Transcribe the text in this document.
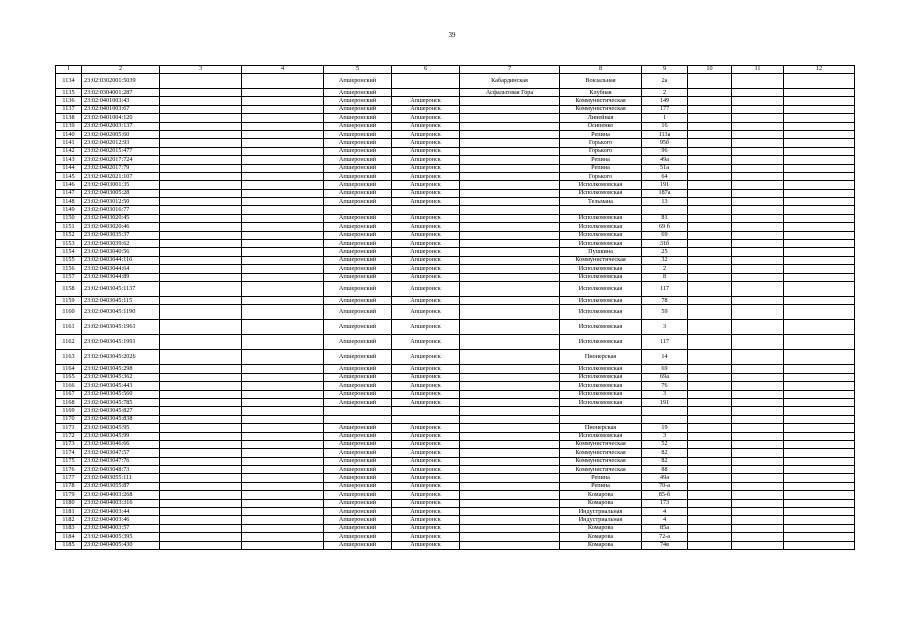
39
1	2	3	4	5	6	7	8	9	10	11	12
1134	23:02:0302001:5039			Апшеронский		Кабардинская	Вокзальная	2а			
1135	23:02:0304001:287			Апшеронский		Асфальтовая Гора	Клубная	2			
1136	23:02:0401003:43			Апшеронский	Апшеронск		Коммунистическая	149			
1137	23:02:0401003:67			Апшеронский	Апшеронск		Коммунистическая	177			
1138	23:02:0401004:120			Апшеронский	Апшеронск		Линейная	1			
1139	23:02:0402003:137			Апшеронский	Апшеронск		Осипенко	16			
1140	23:02:0402005:60			Апшеронский	Апшеронск		Репина	113а			
1141	23:02:0402012:93			Апшеронский	Апшеронск		Горького	95б			
1142	23:02:0402015:477			Апшеронский	Апшеронск		Горького	96			
1143	23:02:0402017:724			Апшеронский	Апшеронск		Репина	49а			
1144	23:02:0402017:79			Апшеронский	Апшеронск		Репина	51а			
1145	23:02:0402021:107			Апшеронский	Апшеронск		Горького	64			
1146	23:02:0403001:35			Апшеронский	Апшеронск		Исполкомовская	191			
1147	23:02:0403005:28			Апшеронский	Апшеронск		Исполкомовская	187а			
1148	23:02:0403012:50			Апшеронский	Апшеронск		Тельмана	13			
1149	23:02:0403016:77										
1150	23:02:0403020:45			Апшеронский	Апшеронск		Исполкомовская	81			
1151	23:02:0403020:46			Апшеронский	Апшеронск		Исполкомовская	69 б			
1152	23:02:0403035:37			Апшеронский	Апшеронск		Исполкомовская	69			
1153	23:02:0403039:62			Апшеронский	Апшеронск		Исполкомовская	31б			
1154	23:02:0403040:56			Апшеронский	Апшеронск		Пушкина	25			
1155	23:02:0403044:116			Апшеронский	Апшеронск		Коммунистическая	32			
1156	23:02:0403044:64			Апшеронский	Апшеронск		Исполкомовская	2			
1157	23:02:0403044:89			Апшеронский	Апшеронск		Исполкомовская	8			
1158	23:02:0403045:1137			Апшеронский	Апшеронск		Исполкомовская	117			
1159	23:02:0403045:115			Апшеронский	Апшеронск		Исполкомовская	78			
1160	23:02:0403045:1190			Апшеронский	Апшеронск		Исполкомовская	59			
1161	23:02:0403045:1961			Апшеронский	Апшеронск		Исполкомовская	3			
1162	23:02:0403045:1991			Апшеронский	Апшеронск		Исполкомовская	117			
1163	23:02:0403045:2026			Апшеронский	Апшеронск		Пионерская	14			
1164	23:02:0403045:298			Апшеронский	Апшеронск		Исполкомовская	69			
1165	23:02:0403045:362			Апшеронский	Апшеронск		Исполкомовская	69а			
1166	23:02:0403045:443			Апшеронский	Апшеронск		Исполкомовская	76			
1167	23:02:0403045:560			Апшеронский	Апшеронск		Исполкомовская	3			
1168	23:02:0403045:785			Апшеронский	Апшеронск		Исполкомовская	191			
1169	23:02:0403045:827										
1170	23:02:0403045:838										
1171	23:02:0403045:95			Апшеронский	Апшеронск		Пионерская	19			
1172	23:02:0403045:99			Апшеронский	Апшеронск		Исполкомовская	3			
1173	23:02:0403046:66			Апшеронский	Апшеронск		Коммунистическая	52			
1174	23:02:0403047:57			Апшеронский	Апшеронск		Коммунистическая	82			
1175	23:02:0403047:76			Апшеронский	Апшеронск		Коммунистическая	82			
1176	23:02:0403048:73			Апшеронский	Апшеронск		Коммунистическая	88			
1177	23:02:0403055:111			Апшеронский	Апшеронск		Репина	49а			
1178	23:02:0403055:87			Апшеронский	Апшеронск		Репина	70-а			
1179	23:02:0404003:268			Апшеронский	Апшеронск		Комарова	85-б			
1180	23:02:0404003:316			Апшеронский	Апшеронск		Комарова	173			
1181	23:02:0404003:44			Апшеронский	Апшеронск		Индустриальная	4			
1182	23:02:0404003:46			Апшеронский	Апшеронск		Индустриальная	4			
1183	23:02:0404003:57			Апшеронский	Апшеронск		Комарова	85а			
1184	23:02:0404005:395			Апшеронский	Апшеронск		Комарова	72-а			
1185	23:02:0404005:430			Апшеронский	Апшеронск		Комарова	74в			
